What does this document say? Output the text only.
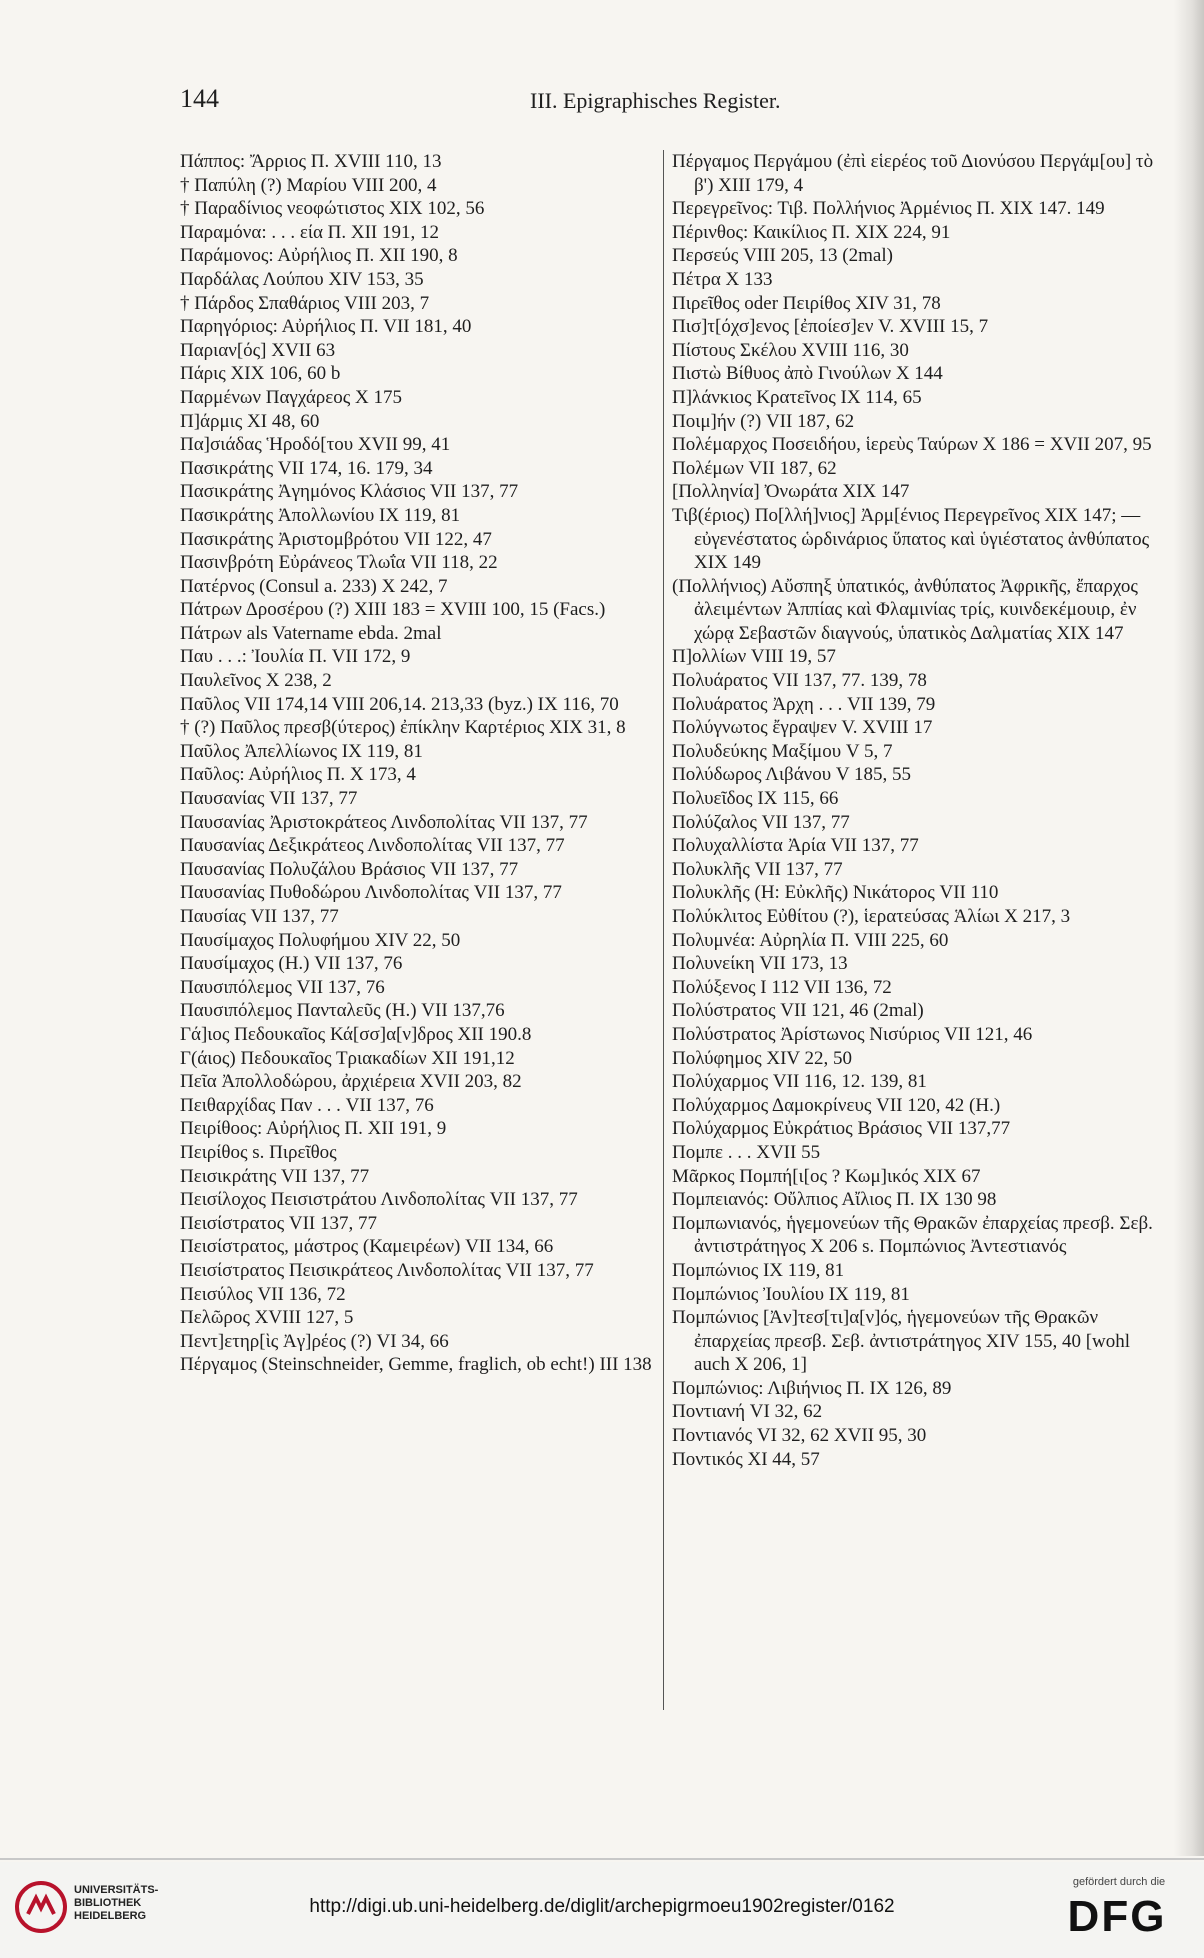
144	III. Epigraphisches Register.

Πάππος: Ἄρριος Π. XVIII 110, 13

† Παπύλη (?) Μαρίου VIII 200, 4

† Παραδίνιος νεοφώτιστος XIX 102, 56

Παραμόνα: . . . εία Π. XII 191, 12

Παράμονος: Αὐρήλιος Π. XII 190, 8

Παρδάλας Λούπου XIV 153, 35

† Πάρδος Σπαθάριος VIII 203, 7

Παρηγόριος: Αὐρήλιος Π. VII 181, 40

Παριαν[ός] XVII 63

Πάρις XIX 106, 60 b

Παρμένων Παγχάρεος X 175

Π]άρμις XI 48, 60

Πα]σιάδας Ἡροδό[του XVII 99, 41

Πασικράτης VII 174, 16. 179, 34

Πασικράτης Ἀγημόνος Κλάσιος VII 137, 77

Πασικράτης Ἀπολλωνίου IX 119, 81

Πασικράτης Ἀριστομβρότου VII 122, 47

Πασινβρότη Εὐράνεος Τλωΐα VII 118, 22

Πατέρνος (Consul a. 233) X 242, 7

Πάτρων Δροσέρου (?) XIII 183 = XVIII 100, 15 (Facs.)

Πάτρων als Vatername ebda. 2mal

Παυ . . .: Ἰουλία Π. VII 172, 9

Παυλεῖνος X 238, 2

Παῦλος VII 174,14 VIII 206,14. 213,33 (byz.) IX 116, 70

† (?) Παῦλος πρεσβ(ύτερος) ἐπίκλην Καρτέριος XIX 31, 8

Παῦλος Ἀπελλίωνος IX 119, 81

Παῦλος: Αὐρήλιος Π. X 173, 4

Παυσανίας VII 137, 77

Παυσανίας Ἀριστοκράτεος Λινδοπολίτας VII 137, 77

Παυσανίας Δεξικράτεος Λινδοπολίτας VII 137, 77

Παυσανίας Πολυζάλου Βράσιος VII 137, 77

Παυσανίας Πυθοδώρου Λινδοπολίτας VII 137, 77

Παυσίας VII 137, 77

Παυσίμαχος Πολυφήμου XIV 22, 50

Παυσίμαχος (Η.) VII 137, 76

Παυσιπόλεμος VII 137, 76

Παυσιπόλεμος Πανταλεῦς (Η.) VII 137,76

Γά]ιος Πεδουκαῖος Κά[σσ]α[ν]δρος XII 190.8

Γ(άιος) Πεδουκαῖος Τριακαδίων XII 191,12

Πεῖα Ἀπολλοδώρου, ἀρχιέρεια XVII 203, 82

Πειθαρχίδας Παν . . . VII 137, 76

Πειρίθοος: Αὐρήλιος Π. XII 191, 9

Πειρίθος s. Πιρεῖθος

Πεισικράτης VII 137, 77

Πεισίλοχος Πεισιστράτου Λινδοπολίτας VII 137, 77

Πεισίστρατος VII 137, 77

Πεισίστρατος, μάστρος (Καμειρέων) VII 134, 66

Πεισίστρατος Πεισικράτεος Λινδοπολίτας VII 137, 77

Πεισύλος VII 136, 72

Πελῶρος XVIII 127, 5

Πεντ]ετηρ[ὶς Ἀγ]ρέος (?) VI 34, 66

Πέργαμος (Steinschneider, Gemme, fraglich, ob echt!) III 138

Πέργαμος Περγάμου (ἐπὶ εἱερέος τοῦ Διονύσου Περγάμ[ου] τὸ β') XIII 179, 4

Περεγρεῖνος: Τιβ. Πολλήνιος Ἀρμένιος Π. XIX 147. 149

Πέρινθος: Καικίλιος Π. XIX 224, 91

Περσεύς VIII 205, 13 (2mal)

Πέτρα X 133

Πιρεῖθος oder Πειρίθος XIV 31, 78

Πισ]τ[όχσ]ενος [ἐποίεσ]εν V. XVIII 15, 7

Πίστους Σκέλου XVIII 116, 30

Πιστὼ Βίθυος ἀπὸ Γινούλων X 144

Π]λάνκιος Κρατεῖνος IX 114, 65

Ποιμ]ήν (?) VII 187, 62

Πολέμαρχος Ποσειδήου, ἱερεὺς Ταύρων X 186 = XVII 207, 95

Πολέμων VII 187, 62

[Πολληνία] Ὀνωράτα XIX 147

Τιβ(έριος) Πο[λλή]νιος] Ἀρμ[ένιος Περεγρεῖνος XIX 147; — εὐγενέστατος ὡρδινάριος ὕπατος καὶ ὑγιέστατος ἀνθύπατος XIX 149

(Πολλήνιος) Αὔσπηξ ὑπατικός, ἀνθύπατος Ἀφρικῆς, ἔπαρχος ἀλειμέντων Ἀππίας καὶ Φλαμινίας τρίς, κυινδεκέμουιρ, ἐν χώρᾳ Σεβαστῶν διαγνούς, ὑπατικὸς Δαλματίας XIX 147

Π]ολλίων VIII 19, 57

Πολυάρατος VII 137, 77. 139, 78

Πολυάρατος Ἀρχη . . . VII 139, 79

Πολύγνωτος ἔγραψεν V. XVIII 17

Πολυδεύκης Μαξίμου V 5, 7

Πολύδωρος Λιβάνου V 185, 55

Πολυεῖδος IX 115, 66

Πολύζαλος VII 137, 77

Πολυχαλλίστα Ἀρία VII 137, 77

Πολυκλῆς VII 137, 77

Πολυκλῆς (H: Εὐκλῆς) Νικάτορος VII 110

Πολύκλιτος Εὐθίτου (?), ἱερατεύσας Ἁλίωι X 217, 3

Πολυμνέα: Αὐρηλία Π. VIII 225, 60

Πολυνείκη VII 173, 13

Πολύξενος I 112 VII 136, 72

Πολύστρατος VII 121, 46 (2mal)

Πολύστρατος Ἀρίστωνος Νισύριος VII 121, 46

Πολύφημος XIV 22, 50

Πολύχαρμος VII 116, 12. 139, 81

Πολύχαρμος Δαμοκρίνευς VII 120, 42 (H.)

Πολύχαρμος Εὐκράτιος Βράσιος VII 137,77

Πομπε . . . XVII 55

Μᾶρκος Πομπή[ι[ος ? Κωμ]ικός XIX 67

Πομπειανός: Οὔλπιος Αἴλιος Π. IX 130 98

Πομπωνιανός, ἡγεμονεύων τῆς Θρακῶν ἐπαρχείας πρεσβ. Σεβ. ἀντιστράτηγος X 206 s. Πομπώνιος Ἀντεστιανός

Πομπώνιος IX 119, 81

Πομπώνιος Ἰουλίου IX 119, 81

Πομπώνιος [Ἀν]τεσ[τι]α[ν]ός, ἡγεμονεύων τῆς Θρακῶν ἐπαρχείας πρεσβ. Σεβ. ἀντιστράτηγος XIV 155, 40 [wohl auch X 206, 1]

Πομπώνιος: Λιβιήνιος Π. IX 126, 89

Ποντιανή VI 32, 62

Ποντιανός VI 32, 62 XVII 95, 30

Ποντικός XI 44, 57

UNIVERSITÄTS-
BIBLIOTHEK
HEIDELBERG	http://digi.ub.uni-heidelberg.de/diglit/archepigrmoeu1902register/0162
gefördert durch die
DFG
